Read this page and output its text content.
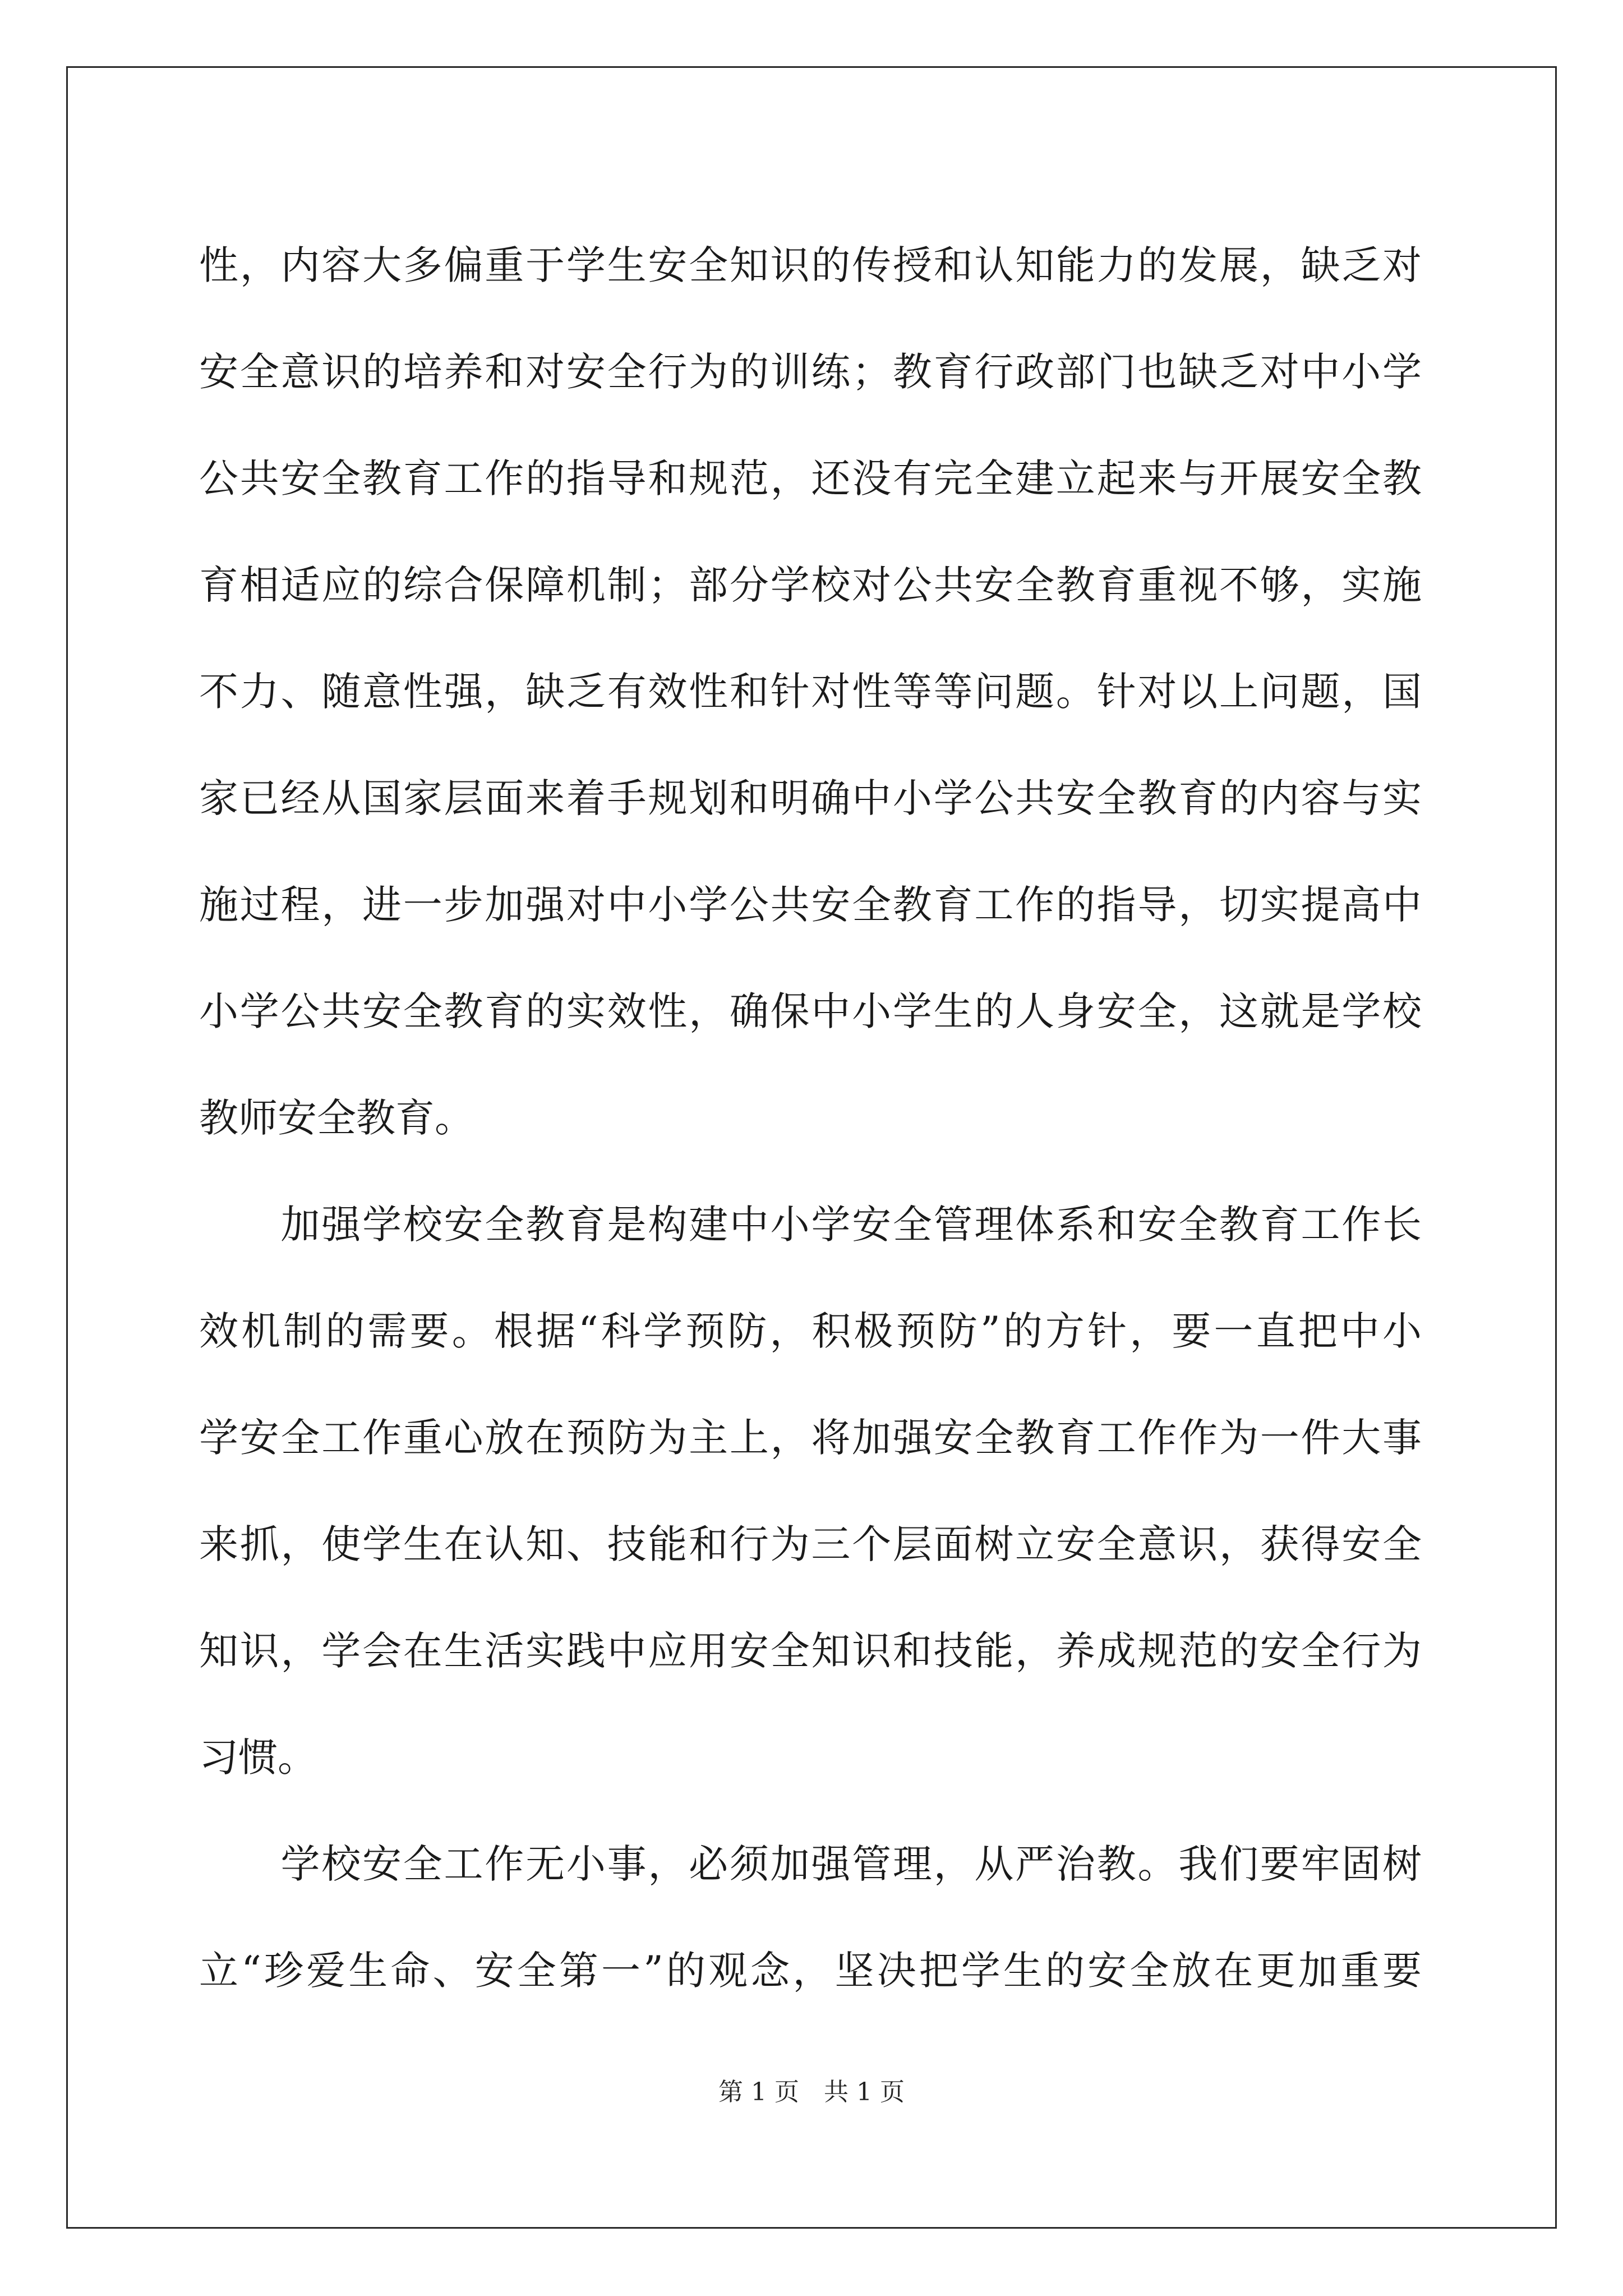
性，内容大多偏重于学生安全知识的传授和认知能力的发展，缺乏对
安全意识的培养和对安全行为的训练；教育行政部门也缺乏对中小学
公共安全教育工作的指导和规范，还没有完全建立起来与开展安全教
育相适应的综合保障机制；部分学校对公共安全教育重视不够，实施
不力、随意性强，缺乏有效性和针对性等等问题。针对以上问题，国
家已经从国家层面来着手规划和明确中小学公共安全教育的内容与实
施过程，进一步加强对中小学公共安全教育工作的指导，切实提高中
小学公共安全教育的实效性，确保中小学生的人身安全，这就是学校
教师安全教育。
　　加强学校安全教育是构建中小学安全管理体系和安全教育工作长
效机制的需要。根据“科学预防，积极预防”的方针，要一直把中小
学安全工作重心放在预防为主上，将加强安全教育工作作为一件大事
来抓，使学生在认知、技能和行为三个层面树立安全意识，获得安全
知识，学会在生活实践中应用安全知识和技能，养成规范的安全行为
习惯。
　　学校安全工作无小事，必须加强管理，从严治教。我们要牢固树
立“珍爱生命、安全第一”的观念，坚决把学生的安全放在更加重要
第 1 页　共 1 页
